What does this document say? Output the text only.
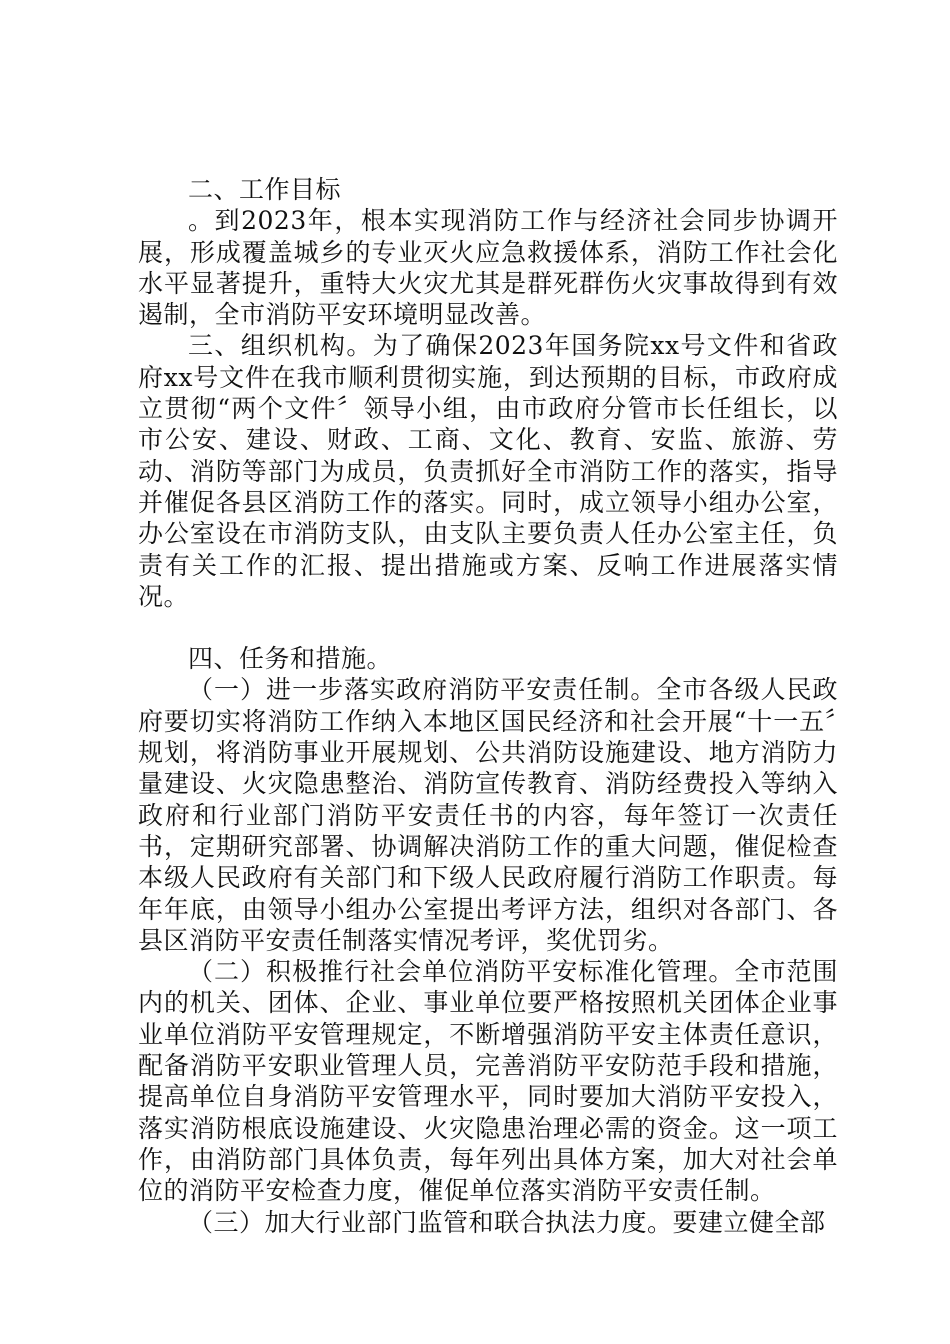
二、工作目标

。到2023年，根本实现消防工作与经济社会同步协调开展，形成覆盖城乡的专业灭火应急救援体系，消防工作社会化水平显著提升，重特大火灾尤其是群死群伤火灾事故得到有效遏制，全市消防平安环境明显改善。

三、组织机构。为了确保2023年国务院xx号文件和省政府xx号文件在我市顺利贯彻实施，到达预期的目标，市政府成立贯彻“两个文件〞领导小组，由市政府分管市长任组长，以市公安、建设、财政、工商、文化、教育、安监、旅游、劳动、消防等部门为成员，负责抓好全市消防工作的落实，指导并催促各县区消防工作的落实。同时，成立领导小组办公室，办公室设在市消防支队，由支队主要负责人任办公室主任，负责有关工作的汇报、提出措施或方案、反响工作进展落实情况。

四、任务和措施。

（一）进一步落实政府消防平安责任制。全市各级人民政府要切实将消防工作纳入本地区国民经济和社会开展“十一五〞规划，将消防事业开展规划、公共消防设施建设、地方消防力量建设、火灾隐患整治、消防宣传教育、消防经费投入等纳入政府和行业部门消防平安责任书的内容，每年签订一次责任书，定期研究部署、协调解决消防工作的重大问题，催促检查本级人民政府有关部门和下级人民政府履行消防工作职责。每年年底，由领导小组办公室提出考评方法，组织对各部门、各县区消防平安责任制落实情况考评，奖优罚劣。

（二）积极推行社会单位消防平安标准化管理。全市范围内的机关、团体、企业、事业单位要严格按照机关团体企业事业单位消防平安管理规定，不断增强消防平安主体责任意识，配备消防平安职业管理人员，完善消防平安防范手段和措施，提高单位自身消防平安管理水平，同时要加大消防平安投入，落实消防根底设施建设、火灾隐患治理必需的资金。这一项工作，由消防部门具体负责，每年列出具体方案，加大对社会单位的消防平安检查力度，催促单位落实消防平安责任制。

（三）加大行业部门监管和联合执法力度。要建立健全部
